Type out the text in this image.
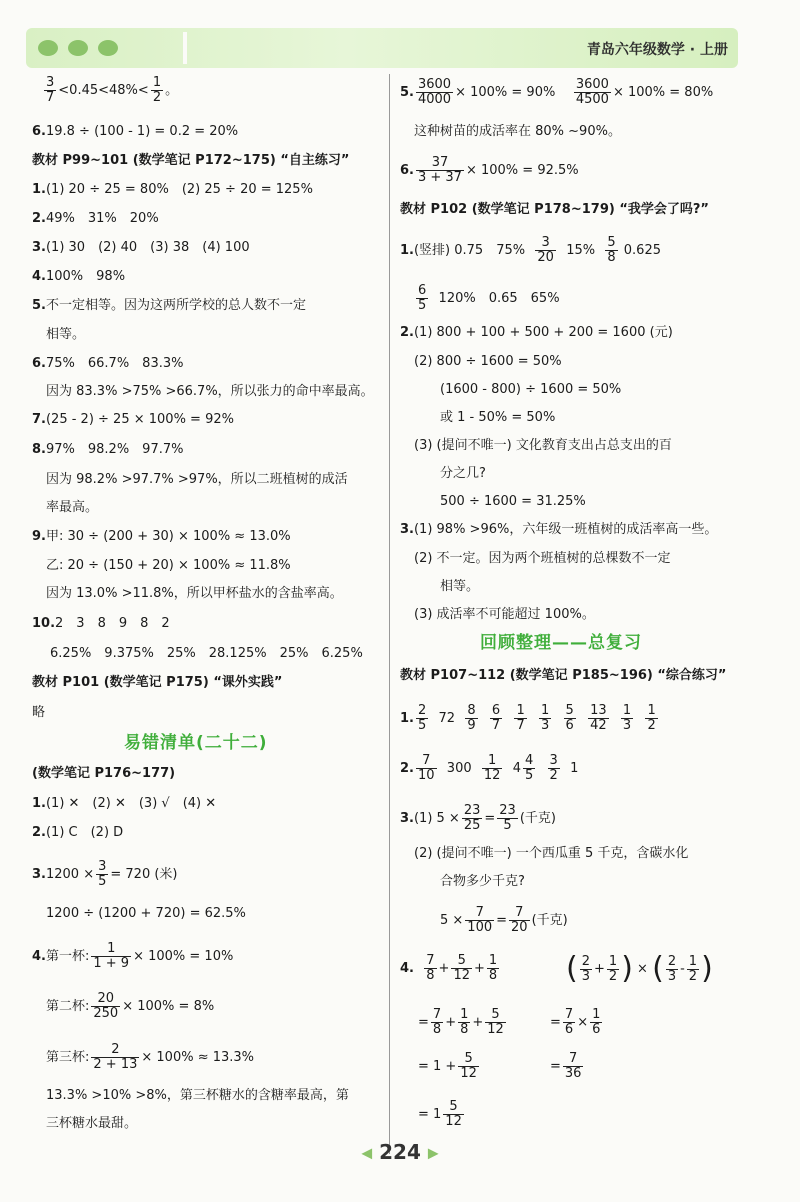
青岛六年级数学 · 上册
$\frac{3}{7} <0.45<48\%< \frac{1}{2}$ 。
6.19.8 ÷ (100 - 1) = 0.2 = 20%
教材 P99~101 (数学笔记 P172~175) “自主练习”
1.(1) 20 ÷ 25 = 80%　(2) 25 ÷ 20 = 125%
2.49%　31%　20%
3.(1) 30　(2) 40　(3) 38　(4) 100
4.100%　98%
5.不一定相等。因为这两所学校的总人数不一定
相等。
6.75%　66.7%　83.3%
因为 83.3% >75% >66.7%，所以张力的命中率最高。
7.(25 - 2) ÷ 25 × 100% = 92%
8.97%　98.2%　97.7%
因为 98.2% >97.7% >97%，所以二班植树的成活
率最高。
9.甲: 30 ÷ (200 + 30) × 100% ≈ 13.0%
乙: 20 ÷ (150 + 20) × 100% ≈ 11.8%
因为 13.0% >11.8%，所以甲杯盐水的含盐率高。
10.2　3　8　9　8　2
6.25%　9.375%　25%　28.125%　25%　6.25%
教材 P101 (数学笔记 P175) “课外实践”
略
易错清单(二十二)
(数学笔记 P176~177)
1.(1) ✕　(2) ✕　(3) √　(4) ✕
2.(1) C　(2) D
$3.1200 \times \frac{3}{5} = 720$ (米)
1200 ÷ (1200 + 720) = 62.5%
4.第一杯: $\frac{1}{1 + 9} \times 100\% = 10\%$
第二杯: $\frac{20}{250} \times 100\% = 8\%$
第三杯: $\frac{2}{2 + 13} \times 100\% \approx 13.3\%$
13.3% >10% >8%，第三杯糖水的含糖率最高，第
三杯糖水最甜。
5. $\frac{3600}{4000} \times 100\% = 90\% \frac{3600}{4500} \times 100\% = 80\%$
这种树苗的成活率在 80% ~90%。
6. $\frac{37}{3 + 37} \times 100\% = 92.5\%$
教材 P102 (数学笔记 P178~179) “我学会了吗?”
1.(竖排) 0.75　$75\% \frac{3}{20} 15\% \frac{5}{8} 0.625$
$\frac{6}{5} 120\%$　0.65　65%
2.(1) 800 + 100 + 500 + 200 = 1600 (元)
(2) 800 ÷ 1600 = 50%
(1600 - 800) ÷ 1600 = 50%
或 1 - 50% = 50%
(3) (提问不唯一) 文化教育支出占总支出的百
分之几?
500 ÷ 1600 = 31.25%
3.(1) 98% >96%，六年级一班植树的成活率高一些。
(2) 不一定。因为两个班植树的总棵数不一定
相等。
(3) 成活率不可能超过 100%。
回顾整理——总复习
教材 P107~112 (数学笔记 P185~196) “综合练习”
1. $\frac{2}{5} 72 \frac{8}{9}$
$\frac{6}{7}$
$\frac{1}{7}$
$\frac{1}{3}$
$\frac{5}{6}$
$\frac{13}{42}$
$\frac{1}{3}$
$\frac{1}{2}$
2. $\frac{7}{10} 300 \frac{1}{12} 4 \frac{4}{5}$
$\frac{3}{2} 1$
3.(1) $5 \times \frac{23}{25} = \frac{23}{5}$ (千克)
(2) (提问不唯一) 一个西瓜重 5 千克，含碳水化
合物多少千克?
$5 \times \frac{7}{100} = \frac{7}{20}$ (千克)
4. $\frac{7}{8} + \frac{5}{12} + \frac{1}{8}$ ( $\frac{2}{3} + \frac{1}{2}$ ) × ( $\frac{2}{3} - \frac{1}{2}$ )
= $\frac{7}{8} + \frac{1}{8} + \frac{5}{12}$	= $\frac{7}{6} \times \frac{1}{6}$
= $1 + \frac{5}{12}$	= $\frac{7}{36}$
= $1 \frac{5}{12}$
◀ 224 ▶
